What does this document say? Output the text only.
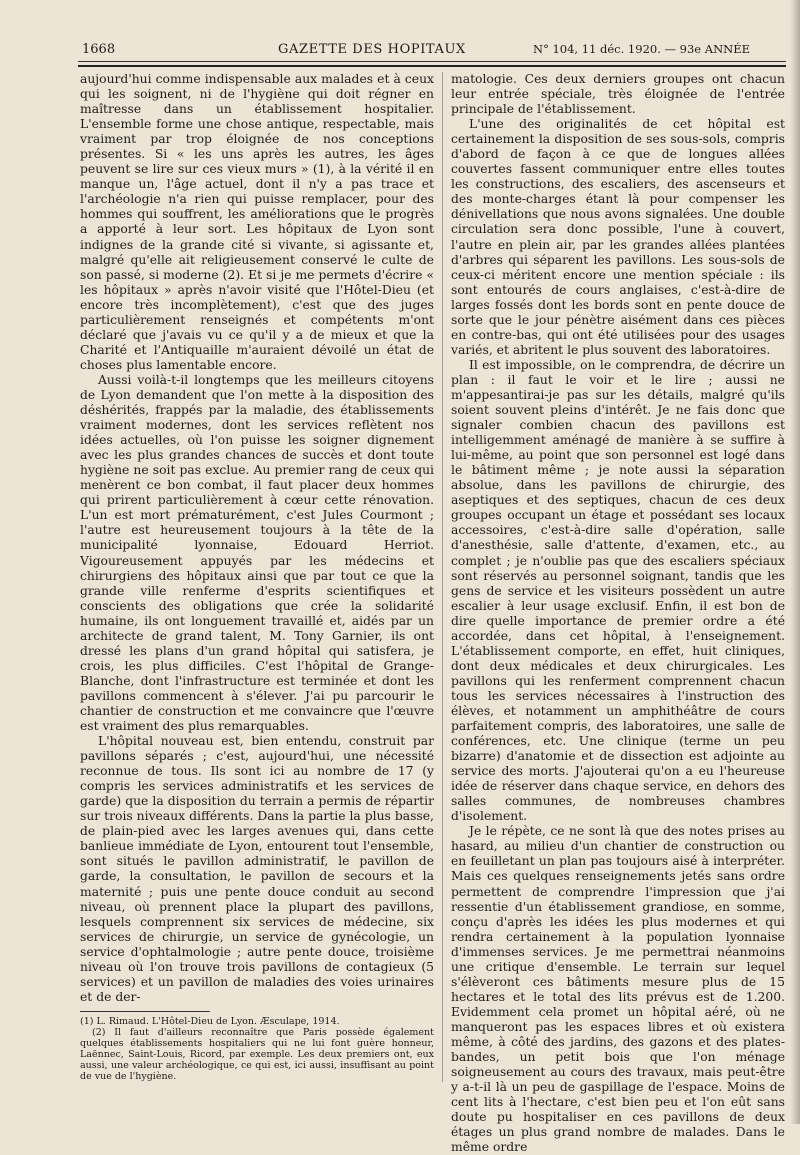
1668	GAZETTE DES HOPITAUX	N° 104, 11 déc. 1920. — 93e ANNÉE

aujourd'hui comme indispensable aux malades et à ceux qui les soignent, ni de l'hygiène qui doit régner en maîtresse dans un établissement hospitalier. L'ensemble forme une chose antique, respectable, mais vraiment par trop éloignée de nos conceptions présentes. Si « les uns après les autres, les âges peuvent se lire sur ces vieux murs » (1), à la vérité il en manque un, l'âge actuel, dont il n'y a pas trace et l'archéologie n'a rien qui puisse remplacer, pour des hommes qui souffrent, les améliorations que le progrès a apporté à leur sort. Les hôpitaux de Lyon sont indignes de la grande cité si vivante, si agissante et, malgré qu'elle ait religieusement conservé le culte de son passé, si moderne (2). Et si je me permets d'écrire « les hôpitaux » après n'avoir visité que l'Hôtel-Dieu (et encore très incomplètement), c'est que des juges particulièrement renseignés et compétents m'ont déclaré que j'avais vu ce qu'il y a de mieux et que la Charité et l'Antiquaille m'auraient dévoilé un état de choses plus lamentable encore.

Aussi voilà-t-il longtemps que les meilleurs citoyens de Lyon demandent que l'on mette à la disposition des déshérités, frappés par la maladie, des établissements vraiment modernes, dont les services reflètent nos idées actuelles, où l'on puisse les soigner dignement avec les plus grandes chances de succès et dont toute hygiène ne soit pas exclue. Au premier rang de ceux qui menèrent ce bon combat, il faut placer deux hommes qui prirent particulièrement à cœur cette rénovation. L'un est mort prématurément, c'est Jules Courmont ; l'autre est heureusement toujours à la tête de la municipalité lyonnaise, Edouard Herriot. Vigoureusement appuyés par les médecins et chirurgiens des hôpitaux ainsi que par tout ce que la grande ville renferme d'esprits scientifiques et conscients des obligations que crée la solidarité humaine, ils ont longuement travaillé et, aidés par un architecte de grand talent, M. Tony Garnier, ils ont dressé les plans d'un grand hôpital qui satisfera, je crois, les plus difficiles. C'est l'hôpital de Grange-Blanche, dont l'infrastructure est terminée et dont les pavillons commencent à s'élever. J'ai pu parcourir le chantier de construction et me convaincre que l'œuvre est vraiment des plus remarquables.

L'hôpital nouveau est, bien entendu, construit par pavillons séparés ; c'est, aujourd'hui, une nécessité reconnue de tous. Ils sont ici au nombre de 17 (y compris les services administratifs et les services de garde) que la disposition du terrain a permis de répartir sur trois niveaux différents. Dans la partie la plus basse, de plain-pied avec les larges avenues qui, dans cette banlieue immédiate de Lyon, entourent tout l'ensemble, sont situés le pavillon administratif, le pavillon de garde, la consultation, le pavillon de secours et la maternité ; puis une pente douce conduit au second niveau, où prennent place la plupart des pavillons, lesquels comprennent six services de médecine, six services de chirurgie, un service de gynécologie, un service d'ophtalmologie ; autre pente douce, troisième niveau où l'on trouve trois pavillons de contagieux (5 services) et un pavillon de maladies des voies urinaires et de der-

(1) L. Rimaud. L'Hôtel-Dieu de Lyon. Æsculape, 1914.

(2) Il faut d'ailleurs reconnaître que Paris possède également quelques établissements hospitaliers qui ne lui font guère honneur, Laënnec, Saint-Louis, Ricord, par exemple. Les deux premiers ont, eux aussi, une valeur archéologique, ce qui est, ici aussi, insuffisant au point de vue de l'hygiène.

matologie. Ces deux derniers groupes ont chacun leur entrée spéciale, très éloignée de l'entrée principale de l'établissement.

L'une des originalités de cet hôpital est certainement la disposition de ses sous-sols, compris d'abord de façon à ce que de longues allées couvertes fassent communiquer entre elles toutes les constructions, des escaliers, des ascenseurs et des monte-charges étant là pour compenser les dénivellations que nous avons signalées. Une double circulation sera donc possible, l'une à couvert, l'autre en plein air, par les grandes allées plantées d'arbres qui séparent les pavillons. Les sous-sols de ceux-ci méritent encore une mention spéciale : ils sont entourés de cours anglaises, c'est-à-dire de larges fossés dont les bords sont en pente douce de sorte que le jour pénètre aisément dans ces pièces en contre-bas, qui ont été utilisées pour des usages variés, et abritent le plus souvent des laboratoires.

Il est impossible, on le comprendra, de décrire un plan : il faut le voir et le lire ; aussi ne m'appesantirai-je pas sur les détails, malgré qu'ils soient souvent pleins d'intérêt. Je ne fais donc que signaler combien chacun des pavillons est intelligemment aménagé de manière à se suffire à lui-même, au point que son personnel est logé dans le bâtiment même ; je note aussi la séparation absolue, dans les pavillons de chirurgie, des aseptiques et des septiques, chacun de ces deux groupes occupant un étage et possédant ses locaux accessoires, c'est-à-dire salle d'opération, salle d'anesthésie, salle d'attente, d'examen, etc., au complet ; je n'oublie pas que des escaliers spéciaux sont réservés au personnel soignant, tandis que les gens de service et les visiteurs possèdent un autre escalier à leur usage exclusif. Enfin, il est bon de dire quelle importance de premier ordre a été accordée, dans cet hôpital, à l'enseignement. L'établissement comporte, en effet, huit cliniques, dont deux médicales et deux chirurgicales. Les pavillons qui les renferment comprennent chacun tous les services nécessaires à l'instruction des élèves, et notamment un amphithéâtre de cours parfaitement compris, des laboratoires, une salle de conférences, etc. Une clinique (terme un peu bizarre) d'anatomie et de dissection est adjointe au service des morts. J'ajouterai qu'on a eu l'heureuse idée de réserver dans chaque service, en dehors des salles communes, de nombreuses chambres d'isolement.

Je le répète, ce ne sont là que des notes prises au hasard, au milieu d'un chantier de construction ou en feuilletant un plan pas toujours aisé à interpréter. Mais ces quelques renseignements jetés sans ordre permettent de comprendre l'impression que j'ai ressentie d'un établissement grandiose, en somme, conçu d'après les idées les plus modernes et qui rendra certainement à la population lyonnaise d'immenses services. Je me permettrai néanmoins une critique d'ensemble. Le terrain sur lequel s'élèveront ces bâtiments mesure plus de 15 hectares et le total des lits prévus est de 1.200. Evidemment cela promet un hôpital aéré, où ne manqueront pas les espaces libres et où existera même, à côté des jardins, des gazons et des plates-bandes, un petit bois que l'on ménage soigneusement au cours des travaux, mais peut-être y a-t-il là un peu de gaspillage de l'espace. Moins de cent lits à l'hectare, c'est bien peu et l'on eût sans doute pu hospitaliser en ces pavillons de deux étages un plus grand nombre de malades. Dans le même ordre
